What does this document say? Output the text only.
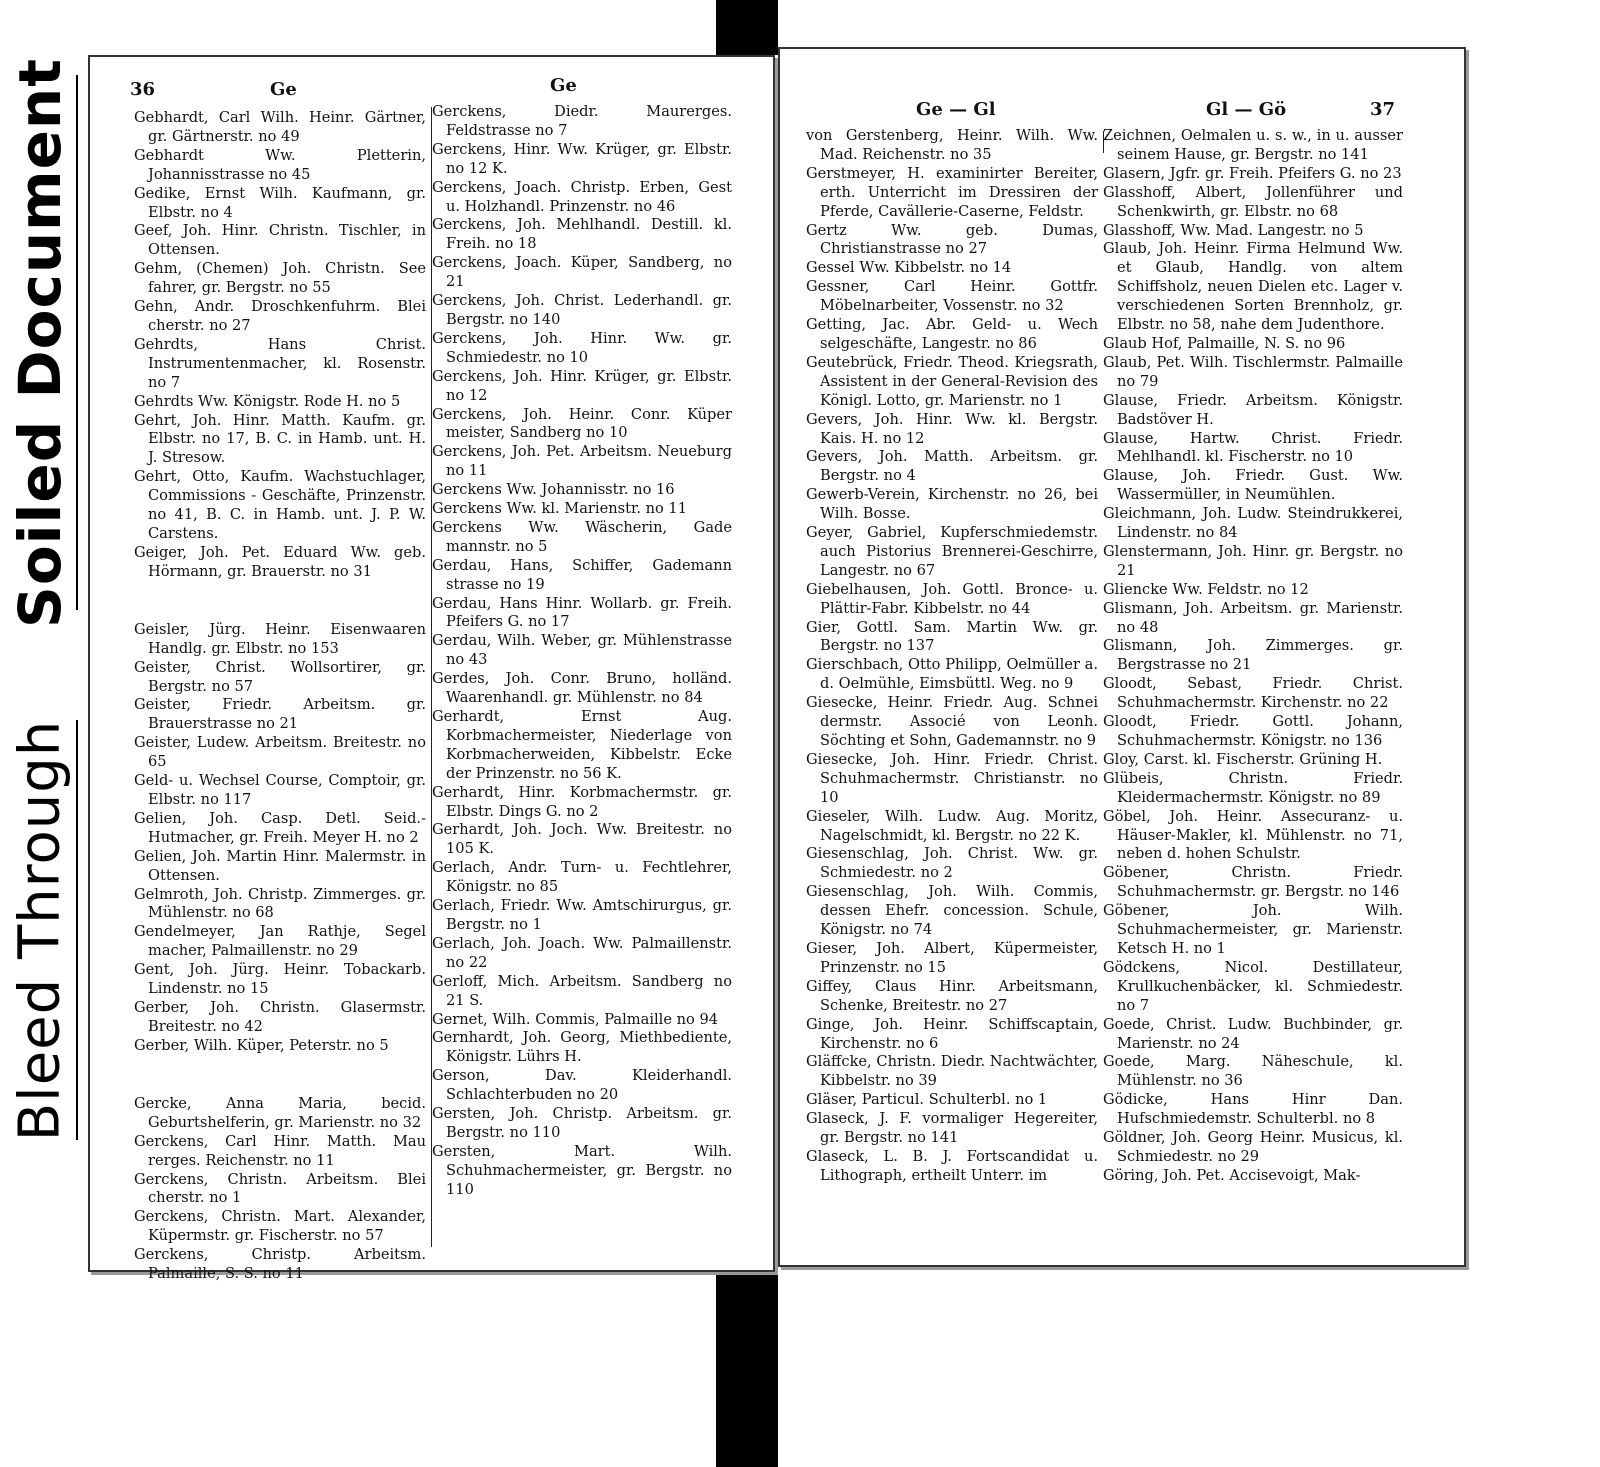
Soiled Document
Bleed Through
36	Ge	Ge

Gebhardt, Carl Wilh. Heinr. Gärtner, gr. Gärtnerstr. no 49

Gebhardt Ww. Pletterin, Johannisstrasse no 45

Gedike, Ernst Wilh. Kaufmann, gr. Elbstr. no 4

Geef, Joh. Hinr. Christn. Tischler, in Ottensen.

Gehm, (Chemen) Joh. Christn. See fahrer, gr. Bergstr. no 55

Gehn, Andr. Droschkenfuhrm. Blei cherstr. no 27

Gehrdts, Hans Christ. Instrumentenmacher, kl. Rosenstr. no 7

Gehrdts Ww. Königstr. Rode H. no 5

Gehrt, Joh. Hinr. Matth. Kaufm. gr. Elbstr. no 17, B. C. in Hamb. unt. H. J. Stresow.

Gehrt, Otto, Kaufm. Wachstuchlager, Commissions - Geschäfte, Prinzenstr. no 41, B. C. in Hamb. unt. J. P. W. Carstens.

Geiger, Joh. Pet. Eduard Ww. geb. Hörmann, gr. Brauerstr. no 31

Geisler, Jürg. Heinr. Eisenwaaren Handlg. gr. Elbstr. no 153

Geister, Christ. Wollsortirer, gr. Bergstr. no 57

Geister, Friedr. Arbeitsm. gr. Brauerstrasse no 21

Geister, Ludew. Arbeitsm. Breitestr. no 65

Geld- u. Wechsel Course, Comptoir, gr. Elbstr. no 117

Gelien, Joh. Casp. Detl. Seid.-Hutmacher, gr. Freih. Meyer H. no 2

Gelien, Joh. Martin Hinr. Malermstr. in Ottensen.

Gelmroth, Joh. Christp. Zimmerges. gr. Mühlenstr. no 68

Gendelmeyer, Jan Rathje, Segel macher, Palmaillenstr. no 29

Gent, Joh. Jürg. Heinr. Tobackarb. Lindenstr. no 15

Gerber, Joh. Christn. Glasermstr. Breitestr. no 42

Gerber, Wilh. Küper, Peterstr. no 5

Gercke, Anna Maria, becid. Geburtshelferin, gr. Marienstr. no 32

Gerckens, Carl Hinr. Matth. Mau rerges. Reichenstr. no 11

Gerckens, Christn. Arbeitsm. Blei cherstr. no 1

Gerckens, Christn. Mart. Alexander, Küpermstr. gr. Fischerstr. no 57

Gerckens, Christp. Arbeitsm. Palmaille, S. S. no 11

Gerckens, Diedr. Maurerges. Feldstrasse no 7

Gerckens, Hinr. Ww. Krüger, gr. Elbstr. no 12 K.

Gerckens, Joach. Christp. Erben, Gest u. Holzhandl. Prinzenstr. no 46

Gerckens, Joh. Mehlhandl. Destill. kl. Freih. no 18

Gerckens, Joach. Küper, Sandberg, no 21

Gerckens, Joh. Christ. Lederhandl. gr. Bergstr. no 140

Gerckens, Joh. Hinr. Ww. gr. Schmiedestr. no 10

Gerckens, Joh. Hinr. Krüger, gr. Elbstr. no 12

Gerckens, Joh. Heinr. Conr. Küper meister, Sandberg no 10

Gerckens, Joh. Pet. Arbeitsm. Neueburg no 11

Gerckens Ww. Johannisstr. no 16

Gerckens Ww. kl. Marienstr. no 11

Gerckens Ww. Wäscherin, Gade mannstr. no 5

Gerdau, Hans, Schiffer, Gademann strasse no 19

Gerdau, Hans Hinr. Wollarb. gr. Freih. Pfeifers G. no 17

Gerdau, Wilh. Weber, gr. Mühlenstrasse no 43

Gerdes, Joh. Conr. Bruno, holländ. Waarenhandl. gr. Mühlenstr. no 84

Gerhardt, Ernst Aug. Korbmachermeister, Niederlage von Korbmacherweiden, Kibbelstr. Ecke der Prinzenstr. no 56 K.

Gerhardt, Hinr. Korbmachermstr. gr. Elbstr. Dings G. no 2

Gerhardt, Joh. Joch. Ww. Breitestr. no 105 K.

Gerlach, Andr. Turn- u. Fechtlehrer, Königstr. no 85

Gerlach, Friedr. Ww. Amtschirurgus, gr. Bergstr. no 1

Gerlach, Joh. Joach. Ww. Palmaillenstr. no 22

Gerloff, Mich. Arbeitsm. Sandberg no 21 S.

Gernet, Wilh. Commis, Palmaille no 94

Gernhardt, Joh. Georg, Miethbediente, Königstr. Lührs H.

Gerson, Dav. Kleiderhandl. Schlachterbuden no 20

Gersten, Joh. Christp. Arbeitsm. gr. Bergstr. no 110

Gersten, Mart. Wilh. Schuhmachermeister, gr. Bergstr. no 110

Ge — Gl	Gl — Gö	37

von Gerstenberg, Heinr. Wilh. Ww. Mad. Reichenstr. no 35

Gerstmeyer, H. examinirter Bereiter, erth. Unterricht im Dressiren der Pferde, Cavällerie-Caserne, Feldstr.

Gertz Ww. geb. Dumas, Christianstrasse no 27

Gessel Ww. Kibbelstr. no 14

Gessner, Carl Heinr. Gottfr. Möbelnarbeiter, Vossenstr. no 32

Getting, Jac. Abr. Geld- u. Wech selgeschäfte, Langestr. no 86

Geutebrück, Friedr. Theod. Kriegsrath, Assistent in der General-Revision des Königl. Lotto, gr. Marienstr. no 1

Gevers, Joh. Hinr. Ww. kl. Bergstr. Kais. H. no 12

Gevers, Joh. Matth. Arbeitsm. gr. Bergstr. no 4

Gewerb-Verein, Kirchenstr. no 26, bei Wilh. Bosse.

Geyer, Gabriel, Kupferschmiedemstr. auch Pistorius Brennerei-Geschirre, Langestr. no 67

Giebelhausen, Joh. Gottl. Bronce- u. Plättir-Fabr. Kibbelstr. no 44

Gier, Gottl. Sam. Martin Ww. gr. Bergstr. no 137

Gierschbach, Otto Philipp, Oelmüller a. d. Oelmühle, Eimsbüttl. Weg. no 9

Giesecke, Heinr. Friedr. Aug. Schnei dermstr. Associé von Leonh. Söchting et Sohn, Gademannstr. no 9

Giesecke, Joh. Hinr. Friedr. Christ. Schuhmachermstr. Christianstr. no 10

Gieseler, Wilh. Ludw. Aug. Moritz, Nagelschmidt, kl. Bergstr. no 22 K.

Giesenschlag, Joh. Christ. Ww. gr. Schmiedestr. no 2

Giesenschlag, Joh. Wilh. Commis, dessen Ehefr. concession. Schule, Königstr. no 74

Gieser, Joh. Albert, Küpermeister, Prinzenstr. no 15

Giffey, Claus Hinr. Arbeitsmann, Schenke, Breitestr. no 27

Ginge, Joh. Heinr. Schiffscaptain, Kirchenstr. no 6

Gläffcke, Christn. Diedr. Nachtwächter, Kibbelstr. no 39

Gläser, Particul. Schulterbl. no 1

Glaseck, J. F. vormaliger Hegereiter, gr. Bergstr. no 141

Glaseck, L. B. J. Fortscandidat u. Lithograph, ertheilt Unterr. im

Zeichnen, Oelmalen u. s. w., in u. ausser seinem Hause, gr. Bergstr. no 141

Glasern, Jgfr. gr. Freih. Pfeifers G. no 23

Glasshoff, Albert, Jollenführer und Schenkwirth, gr. Elbstr. no 68

Glasshoff, Ww. Mad. Langestr. no 5

Glaub, Joh. Heinr. Firma Helmund Ww. et Glaub, Handlg. von altem Schiffsholz, neuen Dielen etc. Lager v. verschiedenen Sorten Brennholz, gr. Elbstr. no 58, nahe dem Judenthore.

Glaub Hof, Palmaille, N. S. no 96

Glaub, Pet. Wilh. Tischlermstr. Palmaille no 79

Glause, Friedr. Arbeitsm. Königstr. Badstöver H.

Glause, Hartw. Christ. Friedr. Mehlhandl. kl. Fischerstr. no 10

Glause, Joh. Friedr. Gust. Ww. Wassermüller, in Neumühlen.

Gleichmann, Joh. Ludw. Steindrukkerei, Lindenstr. no 84

Glenstermann, Joh. Hinr. gr. Bergstr. no 21

Gliencke Ww. Feldstr. no 12

Glismann, Joh. Arbeitsm. gr. Marienstr. no 48

Glismann, Joh. Zimmerges. gr. Bergstrasse no 21

Gloodt, Sebast, Friedr. Christ. Schuhmachermstr. Kirchenstr. no 22

Gloodt, Friedr. Gottl. Johann, Schuhmachermstr. Königstr. no 136

Gloy, Carst. kl. Fischerstr. Grüning H.

Glübeis, Christn. Friedr. Kleidermachermstr. Königstr. no 89

Göbel, Joh. Heinr. Assecuranz- u. Häuser-Makler, kl. Mühlenstr. no 71, neben d. hohen Schulstr.

Göbener, Christn. Friedr. Schuhmachermstr. gr. Bergstr. no 146

Göbener, Joh. Wilh. Schuhmachermeister, gr. Marienstr. Ketsch H. no 1

Gödckens, Nicol. Destillateur, Krullkuchenbäcker, kl. Schmiedestr. no 7

Goede, Christ. Ludw. Buchbinder, gr. Marienstr. no 24

Goede, Marg. Näheschule, kl. Mühlenstr. no 36

Gödicke, Hans Hinr Dan. Hufschmiedemstr. Schulterbl. no 8

Göldner, Joh. Georg Heinr. Musicus, kl. Schmiedestr. no 29

Göring, Joh. Pet. Accisevoigt, Mak-
